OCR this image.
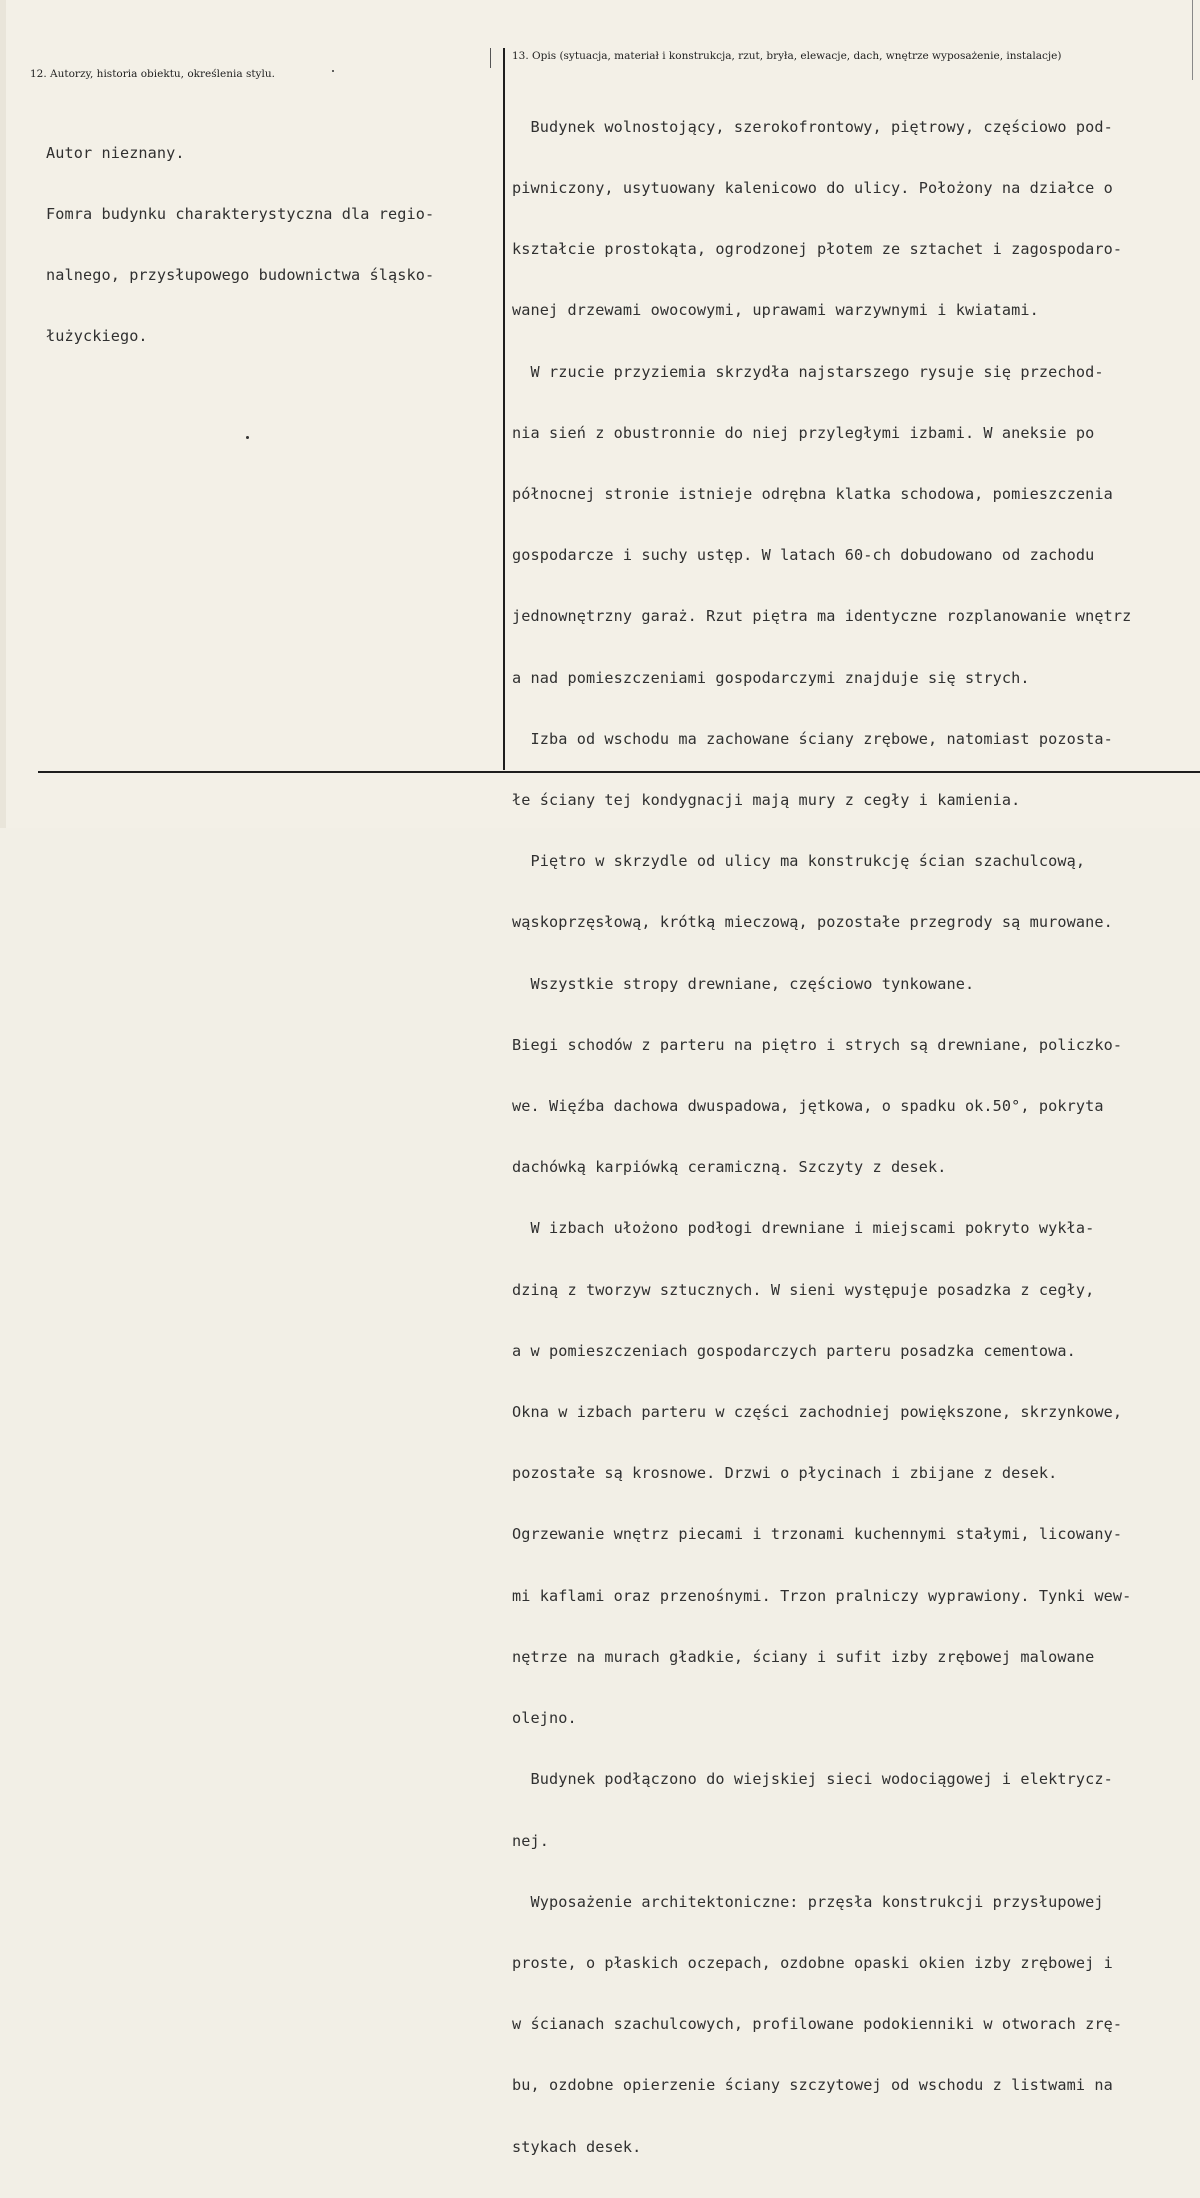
12. Autorzy, historia obiektu, określenia stylu.
13. Opis (sytuacja, materiał i konstrukcja, rzut, bryła, elewacje, dach, wnętrze wyposażenie, instalacje)

Autor nieznany.

Fomra budynku charakterystyczna dla regio-

nalnego, przysłupowego budownictwa śląsko-

łużyckiego.

Budynek wolnostojący, szerokofrontowy, piętrowy, częściowo pod-

piwniczony, usytuowany kalenicowo do ulicy. Położony na działce o

kształcie prostokąta, ogrodzonej płotem ze sztachet i zagospodaro-

wanej drzewami owocowymi, uprawami warzywnymi i kwiatami.

W rzucie przyziemia skrzydła najstarszego rysuje się przechod-

nia sień z obustronnie do niej przyległymi izbami. W aneksie po

północnej stronie istnieje odrębna klatka schodowa, pomieszczenia

gospodarcze i suchy ustęp. W latach 60-ch dobudowano od zachodu

jednownętrzny garaż. Rzut piętra ma identyczne rozplanowanie wnętrz

a nad pomieszczeniami gospodarczymi znajduje się strych.

Izba od wschodu ma zachowane ściany zrębowe, natomiast pozosta-

łe ściany tej kondygnacji mają mury z cegły i kamienia.

Piętro w skrzydle od ulicy ma konstrukcję ścian szachulcową,

wąskoprzęsłową, krótką mieczową, pozostałe przegrody są murowane.

Wszystkie stropy drewniane, częściowo tynkowane.

Biegi schodów z parteru na piętro i strych są drewniane, policzko-

we. Więźba dachowa dwuspadowa, jętkowa, o spadku ok.50°, pokryta

dachówką karpiówką ceramiczną. Szczyty z desek.

W izbach ułożono podłogi drewniane i miejscami pokryto wykła-

dziną z tworzyw sztucznych. W sieni występuje posadzka z cegły,

a w pomieszczeniach gospodarczych parteru posadzka cementowa.

Okna w izbach parteru w części zachodniej powiększone, skrzynkowe,

pozostałe są krosnowe. Drzwi o płycinach i zbijane z desek.

Ogrzewanie wnętrz piecami i trzonami kuchennymi stałymi, licowany-

mi kaflami oraz przenośnymi. Trzon pralniczy wyprawiony. Tynki wew-

nętrze na murach gładkie, ściany i sufit izby zrębowej malowane

olejno.

Budynek podłączono do wiejskiej sieci wodociągowej i elektrycz-

nej.

Wyposażenie architektoniczne: przęsła konstrukcji przysłupowej

proste, o płaskich oczepach, ozdobne opaski okien izby zrębowej i

w ścianach szachulcowych, profilowane podokienniki w otworach zrę-

bu, ozdobne opierzenie ściany szczytowej od wschodu z listwami na

stykach desek.
